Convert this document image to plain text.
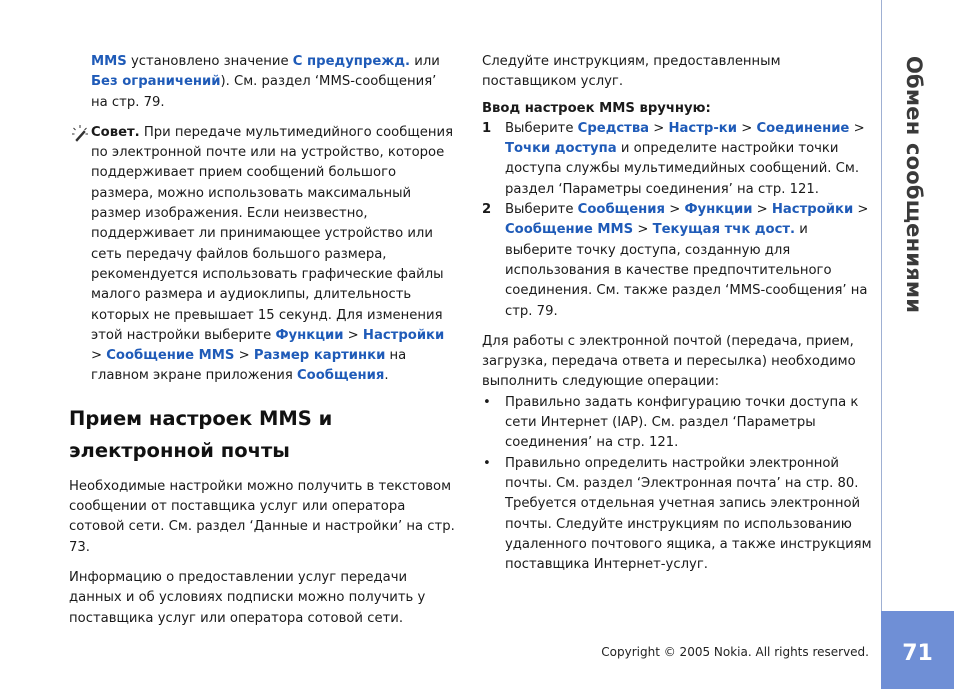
MMS установлено значение С предупрежд. или Без ограничений). См. раздел ‘MMS-сообщения’
на стр. 79.

Совет. При передаче мультимедийного сообщения по электронной почте или на устройство, которое поддерживает прием сообщений большого размера, можно использовать максимальный размер изображения. Если неизвестно, поддерживает ли принимающее устройство или сеть передачу файлов большого размера, рекомендуется использовать графические файлы малого размера и аудиоклипы, длительность которых не превышает 15 секунд. Для изменения этой настройки выберите Функции > Настройки > Сообщение MMS > Размер картинки на главном экране приложения Сообщения.

Прием настроек MMS и электронной почты

Необходимые настройки можно получить в текстовом сообщении от поставщика услуг или оператора сотовой сети. См. раздел ‘Данные и настройки’ на стр. 73.

Информацию о предоставлении услуг передачи данных и об условиях подписки можно получить у поставщика услуг или оператора сотовой сети.

Следуйте инструкциям, предоставленным поставщиком услуг.

Ввод настроек MMS вручную:

1 Выберите Средства > Настр-ки > Соединение > Точки доступа и определите настройки точки доступа службы мультимедийных сообщений. См. раздел ‘Параметры соединения’ на стр. 121.
2 Выберите Сообщения > Функции > Настройки > Сообщение MMS > Текущая тчк дост. и выберите точку доступа, созданную для использования в качестве предпочтительного соединения. См. также раздел ‘MMS-сообщения’ на стр. 79.

Для работы с электронной почтой (передача, прием, загрузка, передача ответа и пересылка) необходимо выполнить следующие операции:

• Правильно задать конфигурацию точки доступа к сети Интернет (IAP). См. раздел ‘Параметры соединения’ на стр. 121.
• Правильно определить настройки электронной почты. См. раздел ‘Электронная почта’ на стр. 80. Требуется отдельная учетная запись электронной почты. Следуйте инструкциям по использованию удаленного почтового ящика, а также инструкциям поставщика Интернет-услуг.
Обмен сообщениями
71
Copyright © 2005 Nokia. All rights reserved.
